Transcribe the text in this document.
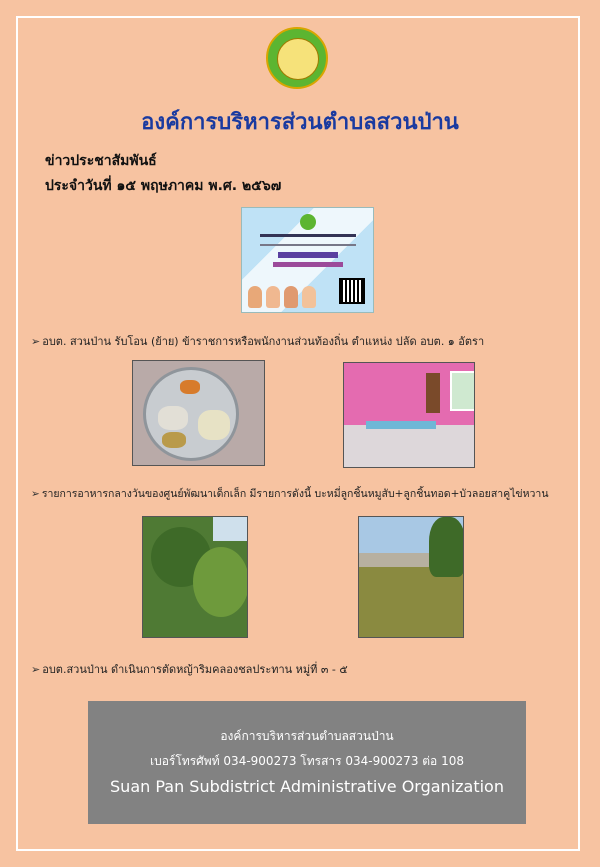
องค์การบริหารส่วนตำบลสวนป่าน
ข่าวประชาสัมพันธ์
ประจำวันที่ ๑๕ พฤษภาคม พ.ศ. ๒๕๖๗
➢ อบต. สวนป่าน รับโอน (ย้าย) ข้าราชการหรือพนักงานส่วนท้องถิ่น ตำแหน่ง ปลัด อบต. ๑ อัตรา
➢ รายการอาหารกลางวันของศูนย์พัฒนาเด็กเล็ก มีรายการดังนี้ บะหมี่ลูกชิ้นหมูสับ+ลูกชิ้นทอด+บัวลอยสาคูไข่หวาน
➢ อบต.สวนป่าน ดำเนินการตัดหญ้าริมคลองชลประทาน หมู่ที่ ๓ - ๕
องค์การบริหารส่วนตำบลสวนป่าน
เบอร์โทรศัพท์ 034-900273 โทรสาร 034-900273 ต่อ 108
Suan Pan Subdistrict Administrative Organization
